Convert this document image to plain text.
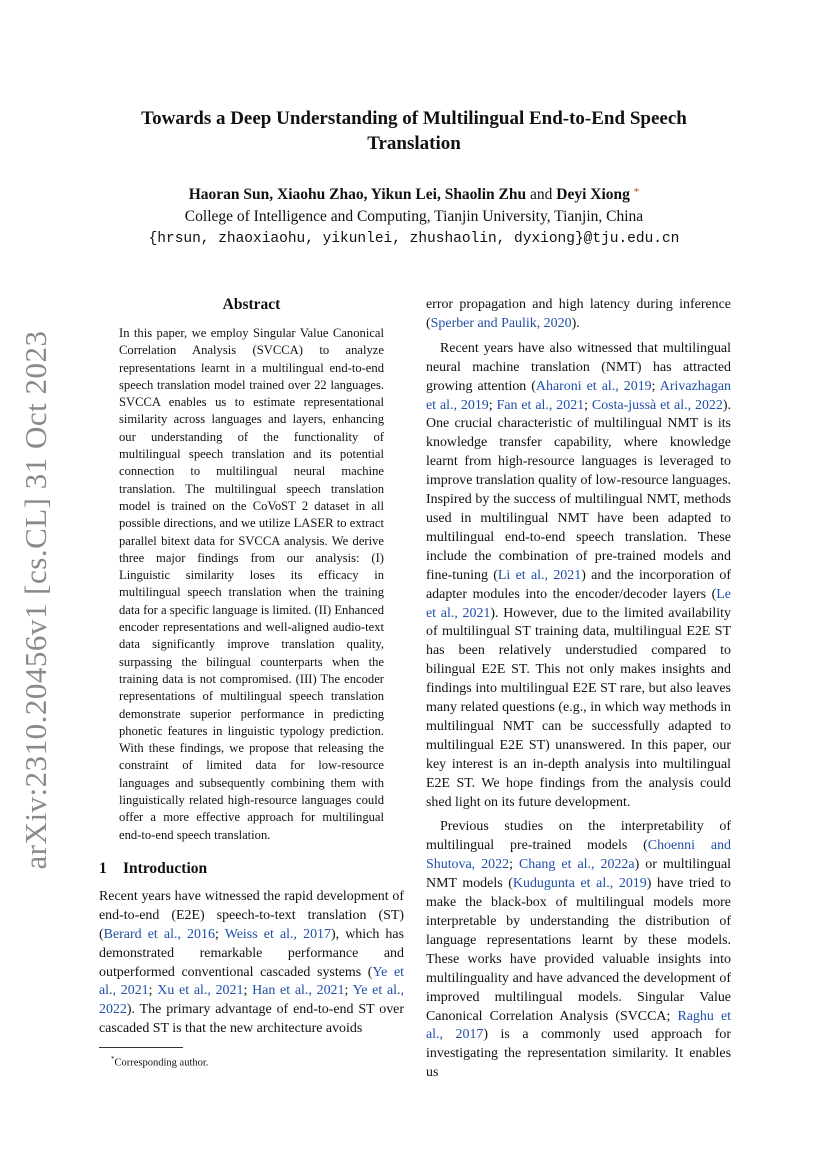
arXiv:2310.20456v1 [cs.CL] 31 Oct 2023
Towards a Deep Understanding of Multilingual End-to-End Speech Translation
Haoran Sun, Xiaohu Zhao, Yikun Lei, Shaolin Zhu and Deyi Xiong *
College of Intelligence and Computing, Tianjin University, Tianjin, China
{hrsun, zhaoxiaohu, yikunlei, zhushaolin, dyxiong}@tju.edu.cn
Abstract
In this paper, we employ Singular Value Canonical Correlation Analysis (SVCCA) to analyze representations learnt in a multilingual end-to-end speech translation model trained over 22 languages. SVCCA enables us to estimate representational similarity across languages and layers, enhancing our understanding of the functionality of multilingual speech translation and its potential connection to multilingual neural machine translation. The multilingual speech translation model is trained on the CoVoST 2 dataset in all possible directions, and we utilize LASER to extract parallel bitext data for SVCCA analysis. We derive three major findings from our analysis: (I) Linguistic similarity loses its efficacy in multilingual speech translation when the training data for a specific language is limited. (II) Enhanced encoder representations and well-aligned audio-text data significantly improve translation quality, surpassing the bilingual counterparts when the training data is not compromised. (III) The encoder representations of multilingual speech translation demonstrate superior performance in predicting phonetic features in linguistic typology prediction. With these findings, we propose that releasing the constraint of limited data for low-resource languages and subsequently combining them with linguistically related high-resource languages could offer a more effective approach for multilingual end-to-end speech translation.
1 Introduction

Recent years have witnessed the rapid development of end-to-end (E2E) speech-to-text translation (ST) (Berard et al., 2016; Weiss et al., 2017), which has demonstrated remarkable performance and outperformed conventional cascaded systems (Ye et al., 2021; Xu et al., 2021; Han et al., 2021; Ye et al., 2022). The primary advantage of end-to-end ST over cascaded ST is that the new architecture avoids

*Corresponding author.

error propagation and high latency during inference (Sperber and Paulik, 2020).

Recent years have also witnessed that multilingual neural machine translation (NMT) has attracted growing attention (Aharoni et al., 2019; Arivazhagan et al., 2019; Fan et al., 2021; Costa-jussà et al., 2022). One crucial characteristic of multilingual NMT is its knowledge transfer capability, where knowledge learnt from high-resource languages is leveraged to improve translation quality of low-resource languages. Inspired by the success of multilingual NMT, methods used in multilingual NMT have been adapted to multilingual end-to-end speech translation. These include the combination of pre-trained models and fine-tuning (Li et al., 2021) and the incorporation of adapter modules into the encoder/decoder layers (Le et al., 2021). However, due to the limited availability of multilingual ST training data, multilingual E2E ST has been relatively understudied compared to bilingual E2E ST. This not only makes insights and findings into multilingual E2E ST rare, but also leaves many related questions (e.g., in which way methods in multilingual NMT can be successfully adapted to multilingual E2E ST) unanswered. In this paper, our key interest is an in-depth analysis into multilingual E2E ST. We hope findings from the analysis could shed light on its future development.

Previous studies on the interpretability of multilingual pre-trained models (Choenni and Shutova, 2022; Chang et al., 2022a) or multilingual NMT models (Kudugunta et al., 2019) have tried to make the black-box of multilingual models more interpretable by understanding the distribution of language representations learnt by these models. These works have provided valuable insights into multilinguality and have advanced the development of improved multilingual models. Singular Value Canonical Correlation Analysis (SVCCA; Raghu et al., 2017) is a commonly used approach for investigating the representation similarity. It enables us
